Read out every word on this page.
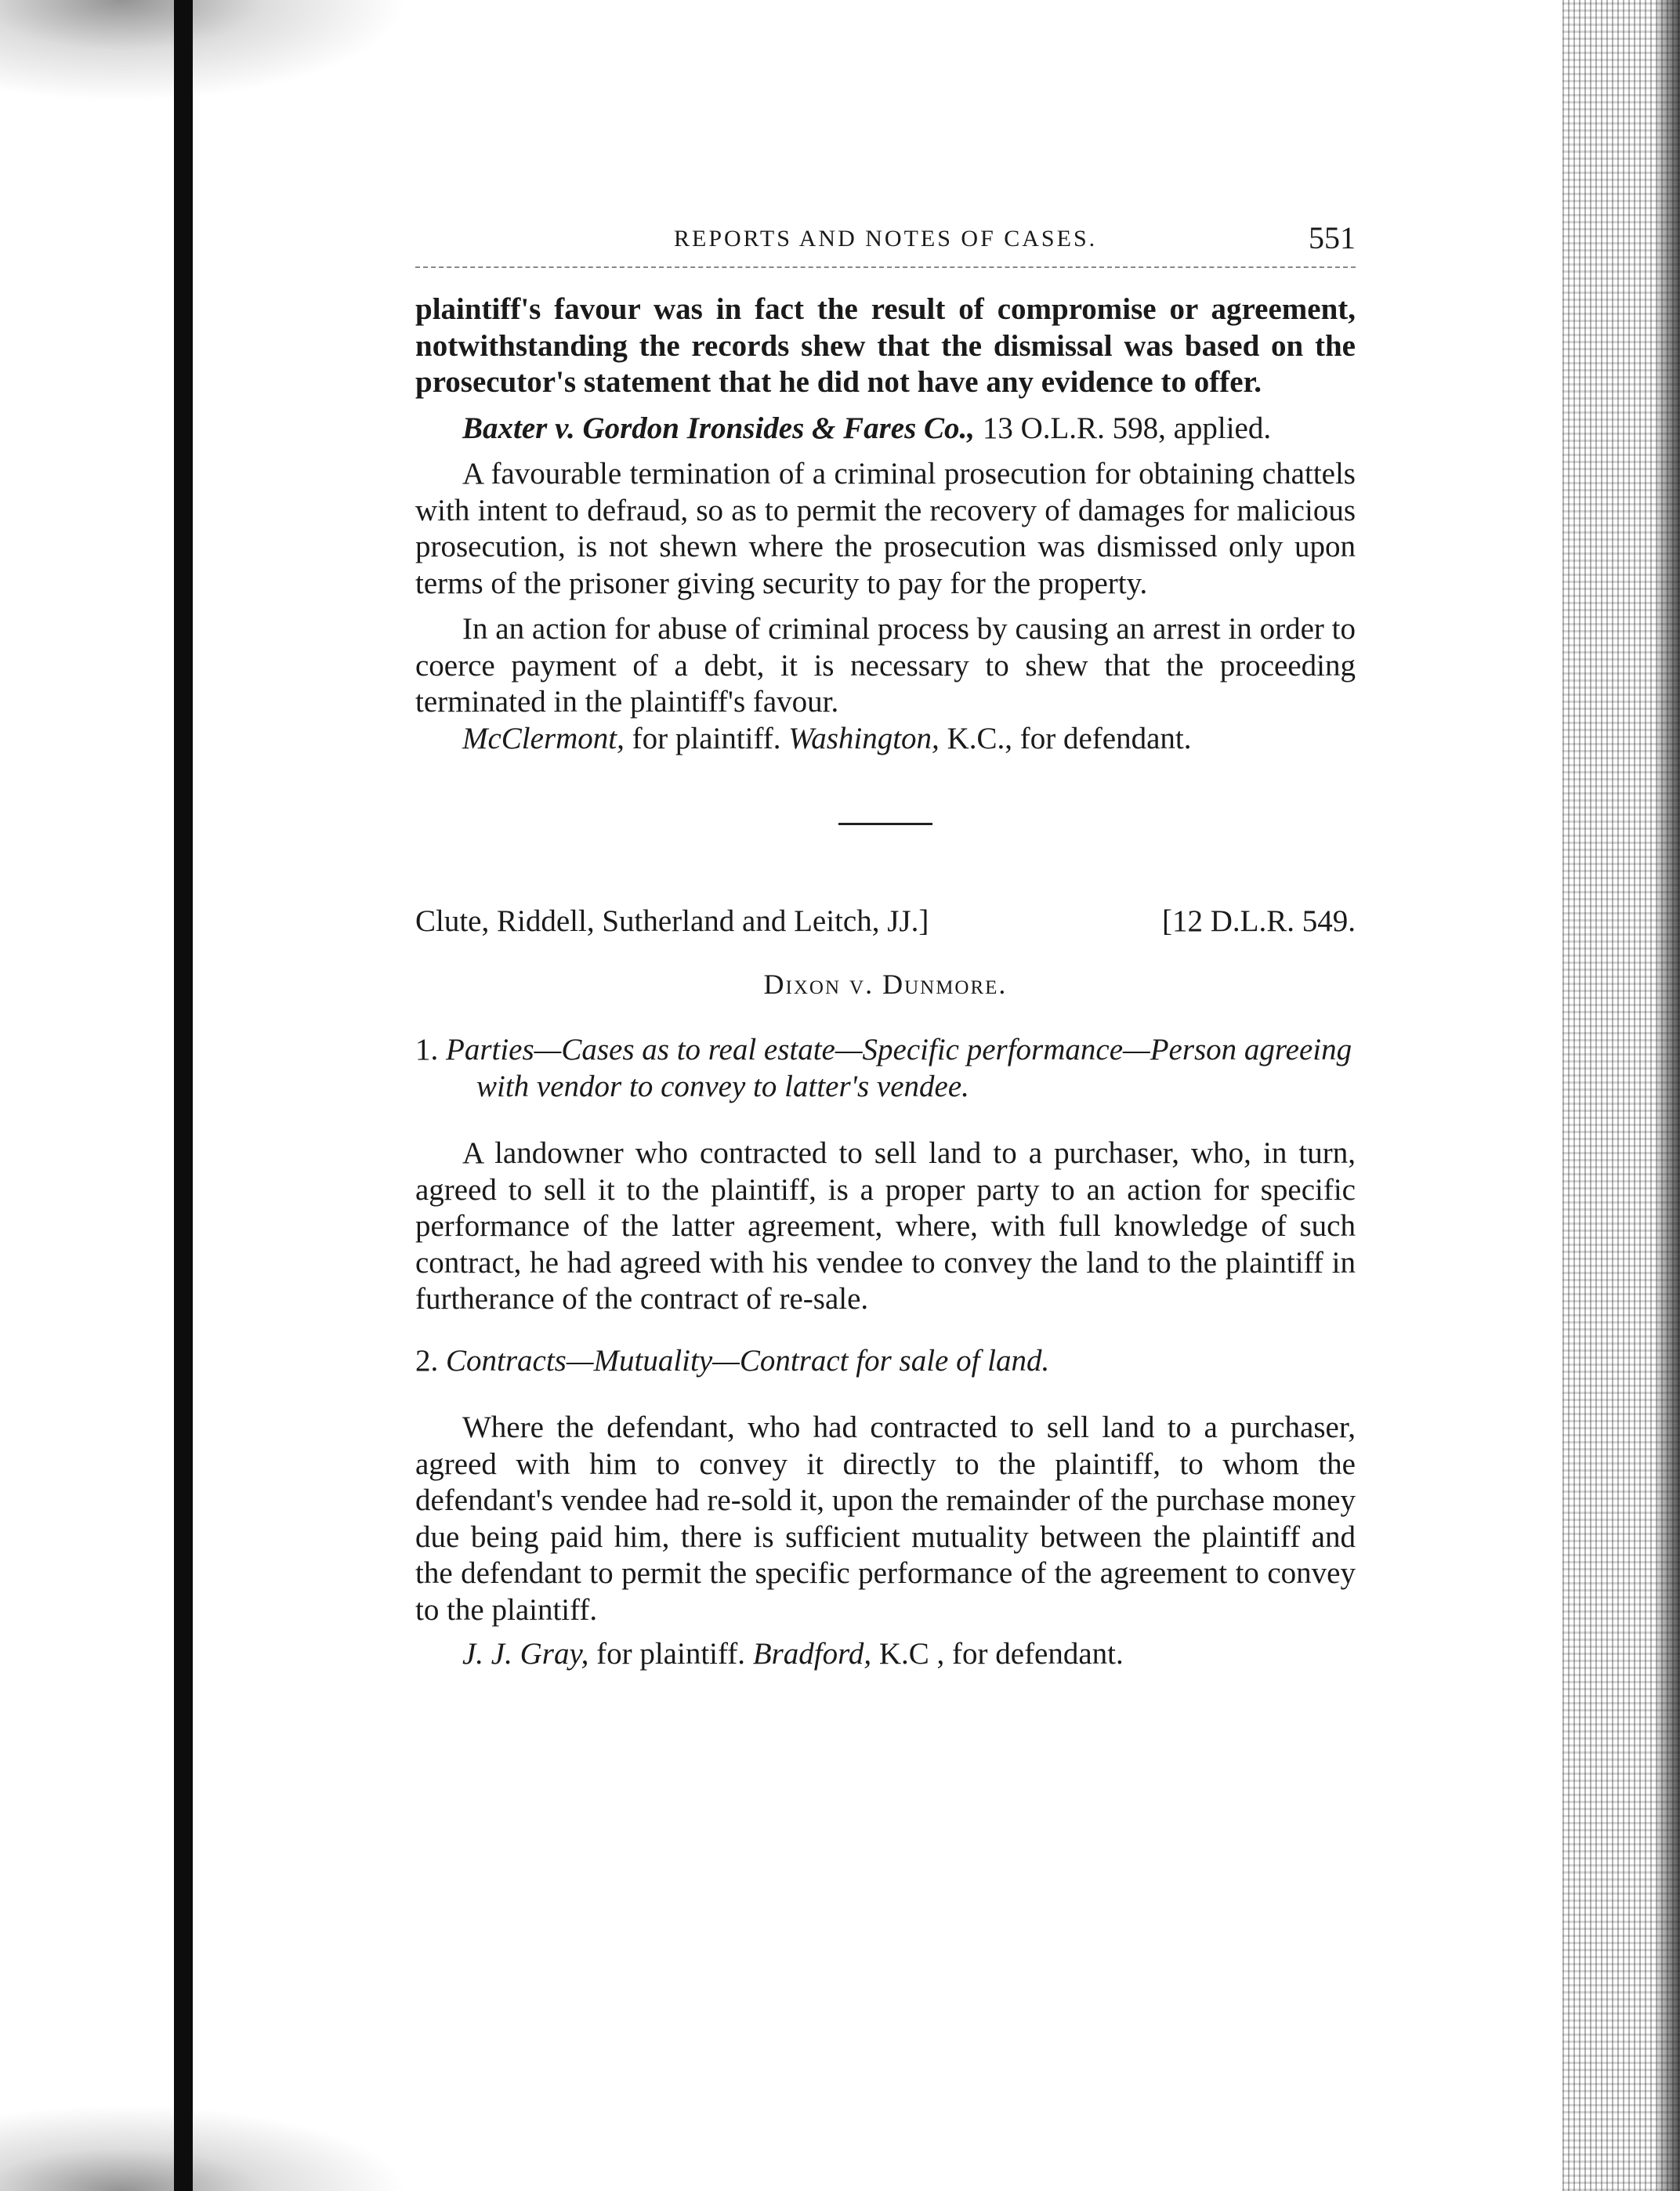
REPORTS AND NOTES OF CASES.	551

plaintiff's favour was in fact the result of compromise or agreement, notwithstanding the records shew that the dismissal was based on the prosecutor's statement that he did not have any evidence to offer.

Baxter v. Gordon Ironsides & Fares Co., 13 O.L.R. 598, applied.

A favourable termination of a criminal prosecution for obtaining chattels with intent to defraud, so as to permit the recovery of damages for malicious prosecution, is not shewn where the prosecution was dismissed only upon terms of the prisoner giving security to pay for the property.

In an action for abuse of criminal process by causing an arrest in order to coerce payment of a debt, it is necessary to shew that the proceeding terminated in the plaintiff's favour.

McClermont, for plaintiff. Washington, K.C., for defendant.

Clute, Riddell, Sutherland and Leitch, JJ.]	[12 D.L.R. 549.
Dixon v. Dunmore.

1. Parties—Cases as to real estate—Specific performance—Person agreeing with vendor to convey to latter's vendee.

A landowner who contracted to sell land to a purchaser, who, in turn, agreed to sell it to the plaintiff, is a proper party to an action for specific performance of the latter agreement, where, with full knowledge of such contract, he had agreed with his vendee to convey the land to the plaintiff in furtherance of the contract of re-sale.

2. Contracts—Mutuality—Contract for sale of land.

Where the defendant, who had contracted to sell land to a purchaser, agreed with him to convey it directly to the plaintiff, to whom the defendant's vendee had re-sold it, upon the remainder of the purchase money due being paid him, there is sufficient mutuality between the plaintiff and the defendant to permit the specific performance of the agreement to convey to the plaintiff.

J. J. Gray, for plaintiff. Bradford, K.C , for defendant.
